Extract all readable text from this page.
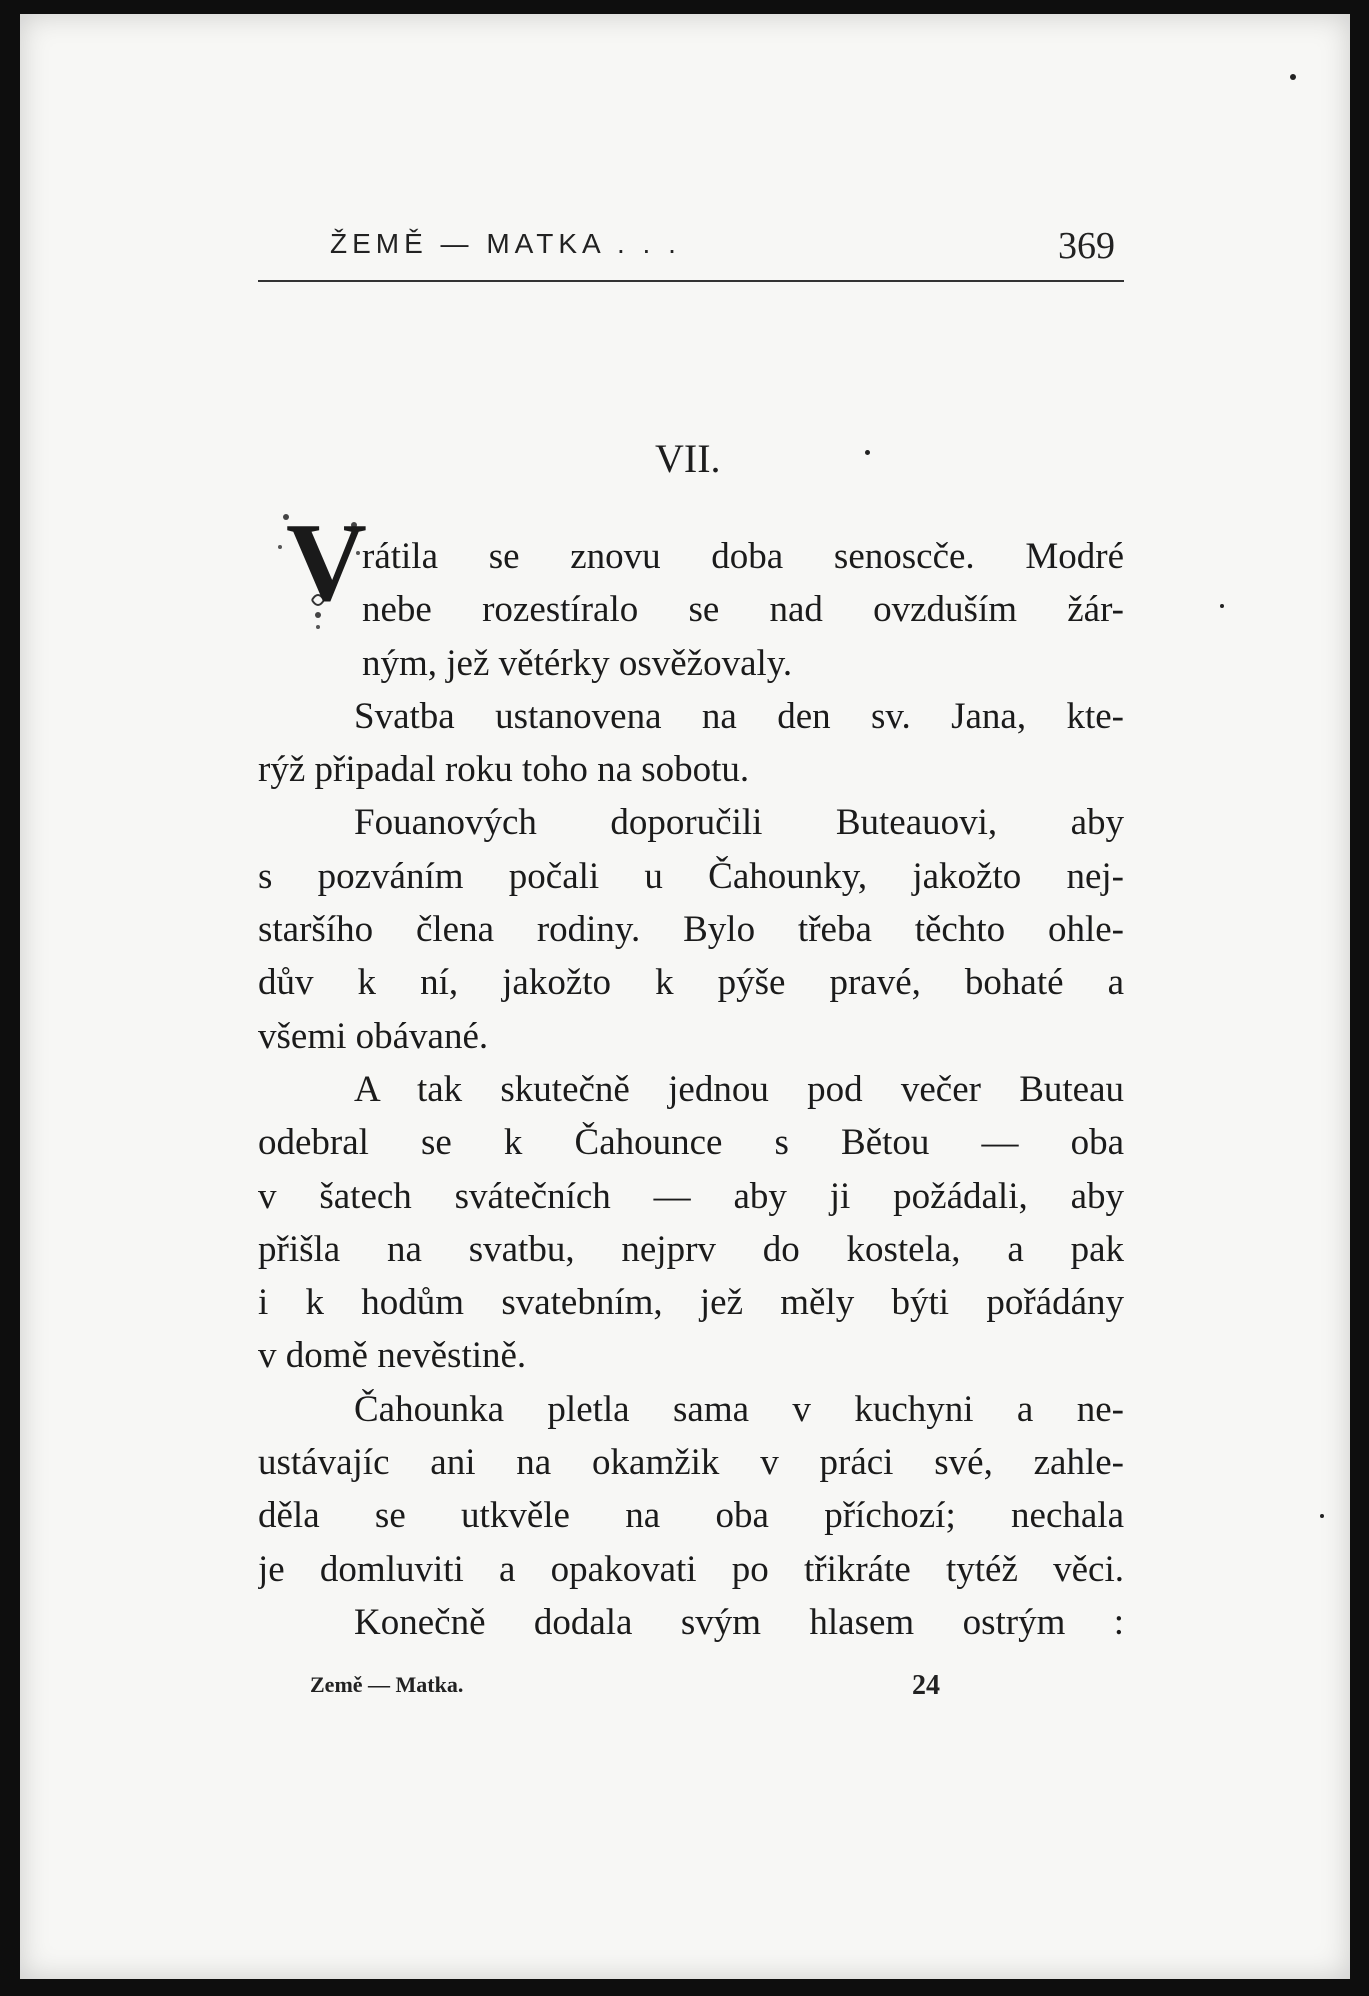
ŽEMĚ — MATKA . . .	369
VII.
V
rátila se znovu doba senoscče. Modré
nebe rozestíralo se nad ovzduším žár-
ným, jež větérky osvěžovaly.
Svatba ustanovena na den sv. Jana, kte-
rýž připadal roku toho na sobotu.
Fouanových doporučili Buteauovi, aby
s pozváním počali u Čahounky, jakožto nej-
staršího člena rodiny. Bylo třeba těchto ohle-
dův k ní, jakožto k pýše pravé, bohaté a
všemi obávané.
A tak skutečně jednou pod večer Buteau
odebral se k Čahounce s Bětou — oba
v šatech svátečních — aby ji požádali, aby
přišla na svatbu, nejprv do kostela, a pak
i k hodům svatebním, jež měly býti pořádány
v domě nevěstině.
Čahounka pletla sama v kuchyni a ne-
ustávajíc ani na okamžik v práci své, zahle-
děla se utkvěle na oba příchozí; nechala
je domluviti a opakovati po třikráte tytéž věci.
Konečně dodala svým hlasem ostrým :
Země — Matka.	24
